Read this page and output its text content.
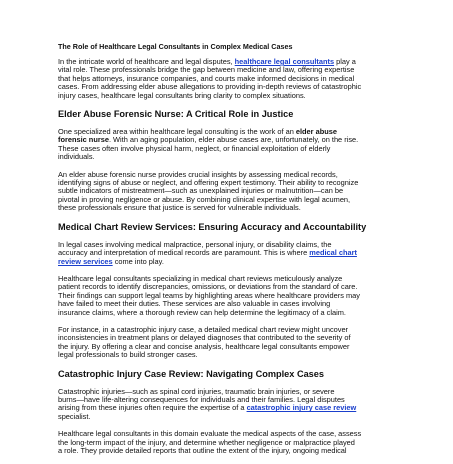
The Role of Healthcare Legal Consultants in Complex Medical Cases

In the intricate world of healthcare and legal disputes, healthcare legal consultants play a
vital role. These professionals bridge the gap between medicine and law, offering expertise
that helps attorneys, insurance companies, and courts make informed decisions in medical
cases. From addressing elder abuse allegations to providing in-depth reviews of catastrophic
injury cases, healthcare legal consultants bring clarity to complex situations.

Elder Abuse Forensic Nurse: A Critical Role in Justice

One specialized area within healthcare legal consulting is the work of an elder abuse
forensic nurse. With an aging population, elder abuse cases are, unfortunately, on the rise.
These cases often involve physical harm, neglect, or financial exploitation of elderly
individuals.

An elder abuse forensic nurse provides crucial insights by assessing medical records,
identifying signs of abuse or neglect, and offering expert testimony. Their ability to recognize
subtle indicators of mistreatment—such as unexplained injuries or malnutrition—can be
pivotal in proving negligence or abuse. By combining clinical expertise with legal acumen,
these professionals ensure that justice is served for vulnerable individuals.

Medical Chart Review Services: Ensuring Accuracy and Accountability

In legal cases involving medical malpractice, personal injury, or disability claims, the
accuracy and interpretation of medical records are paramount. This is where medical chart
review services come into play.

Healthcare legal consultants specializing in medical chart reviews meticulously analyze
patient records to identify discrepancies, omissions, or deviations from the standard of care.
Their findings can support legal teams by highlighting areas where healthcare providers may
have failed to meet their duties. These services are also valuable in cases involving
insurance claims, where a thorough review can help determine the legitimacy of a claim.

For instance, in a catastrophic injury case, a detailed medical chart review might uncover
inconsistencies in treatment plans or delayed diagnoses that contributed to the severity of
the injury. By offering a clear and concise analysis, healthcare legal consultants empower
legal professionals to build stronger cases.

Catastrophic Injury Case Review: Navigating Complex Cases

Catastrophic injuries—such as spinal cord injuries, traumatic brain injuries, or severe
burns—have life-altering consequences for individuals and their families. Legal disputes
arising from these injuries often require the expertise of a catastrophic injury case review
specialist.

Healthcare legal consultants in this domain evaluate the medical aspects of the case, assess
the long-term impact of the injury, and determine whether negligence or malpractice played
a role. They provide detailed reports that outline the extent of the injury, ongoing medical
